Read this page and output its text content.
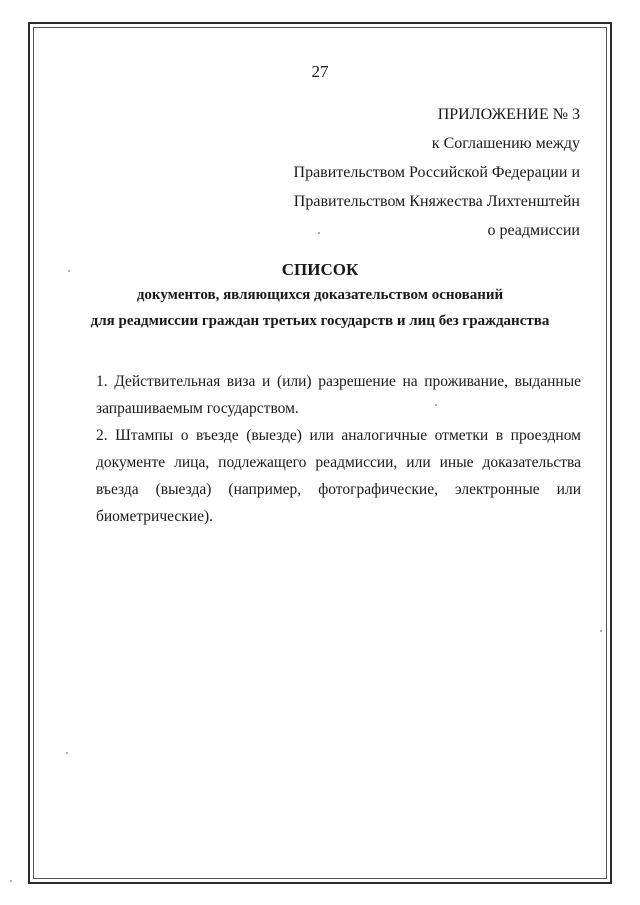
27
ПРИЛОЖЕНИЕ № 3
к Соглашению между
Правительством Российской Федерации и
Правительством Княжества Лихтенштейн
о реадмиссии
СПИСОК
документов, являющихся доказательством оснований
для реадмиссии граждан третьих государств и лиц без гражданства

1. Действительная виза и (или) разрешение на проживание, выданные запрашиваемым государством.

2. Штампы о въезде (выезде) или аналогичные отметки в проездном документе лица, подлежащего реадмиссии, или иные доказательства въезда (выезда) (например, фотографические, электронные или биометрические).
